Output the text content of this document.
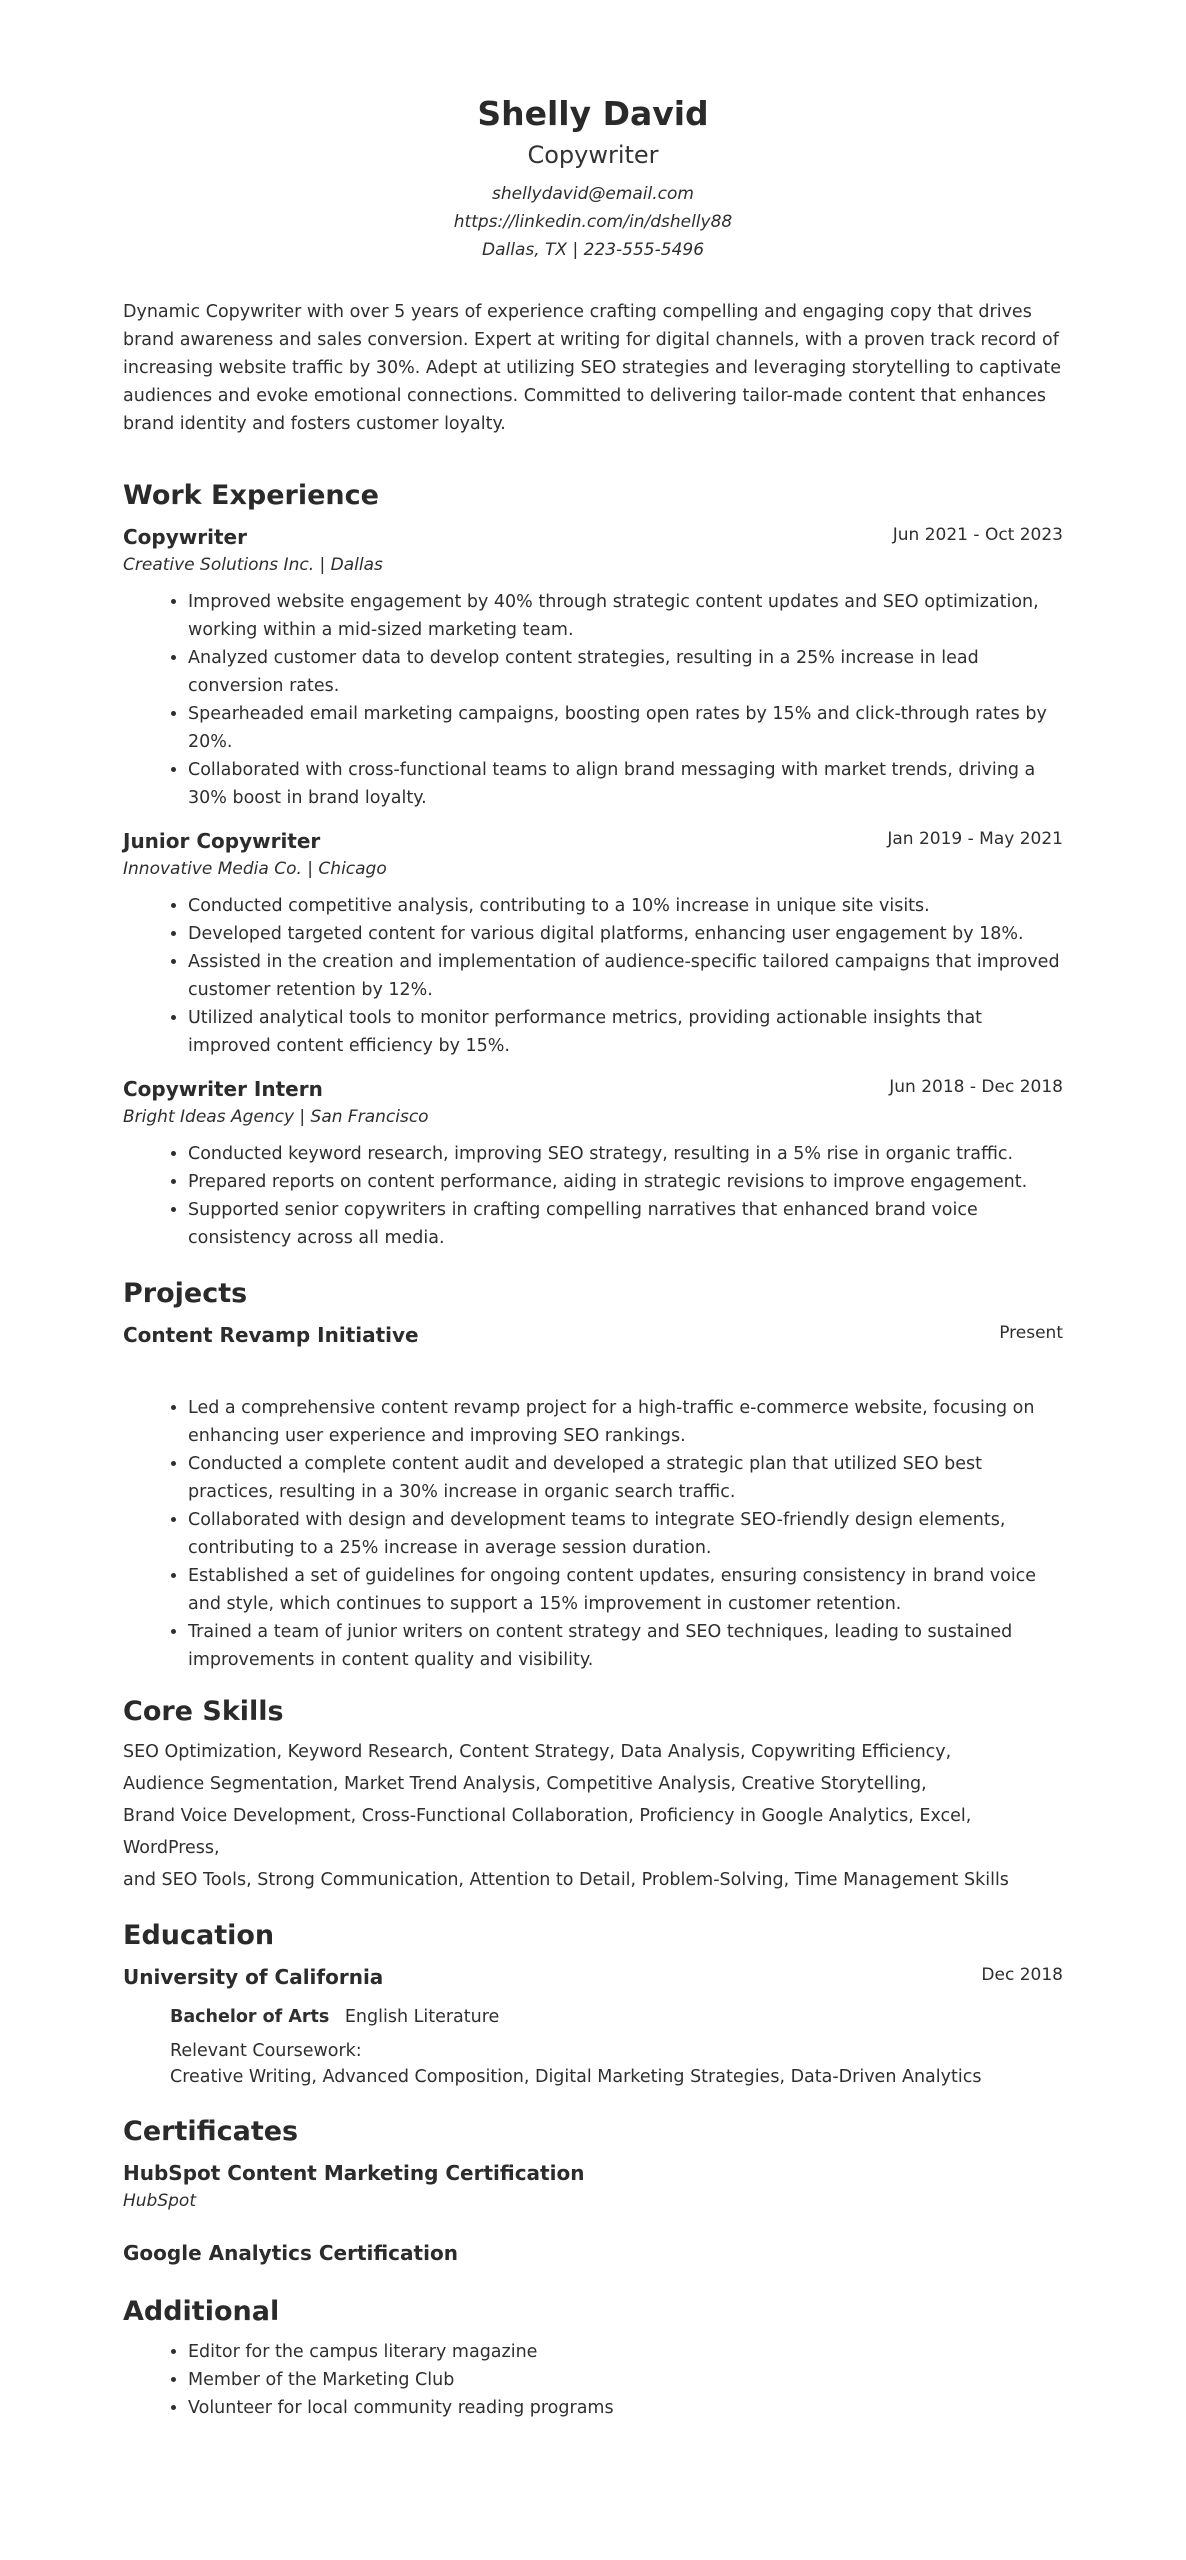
Shelly David
Copywriter
shellydavid@email.com
https://linkedin.com/in/dshelly88
Dallas, TX | 223-555-5496
Dynamic Copywriter with over 5 years of experience crafting compelling and engaging copy that drives brand awareness and sales conversion. Expert at writing for digital channels, with a proven track record of increasing website traffic by 30%. Adept at utilizing SEO strategies and leveraging storytelling to captivate audiences and evoke emotional connections. Committed to delivering tailor-made content that enhances brand identity and fosters customer loyalty.
Work Experience
Copywriter	Jun 2021 - Oct 2023
Creative Solutions Inc. | Dallas
• Improved website engagement by 40% through strategic content updates and SEO optimization, working within a mid-sized marketing team.
• Analyzed customer data to develop content strategies, resulting in a 25% increase in lead conversion rates.
• Spearheaded email marketing campaigns, boosting open rates by 15% and click-through rates by 20%.
• Collaborated with cross-functional teams to align brand messaging with market trends, driving a 30% boost in brand loyalty.
Junior Copywriter	Jan 2019 - May 2021
Innovative Media Co. | Chicago
• Conducted competitive analysis, contributing to a 10% increase in unique site visits.
• Developed targeted content for various digital platforms, enhancing user engagement by 18%.
• Assisted in the creation and implementation of audience-specific tailored campaigns that improved customer retention by 12%.
• Utilized analytical tools to monitor performance metrics, providing actionable insights that improved content efficiency by 15%.
Copywriter Intern	Jun 2018 - Dec 2018
Bright Ideas Agency | San Francisco
• Conducted keyword research, improving SEO strategy, resulting in a 5% rise in organic traffic.
• Prepared reports on content performance, aiding in strategic revisions to improve engagement.
• Supported senior copywriters in crafting compelling narratives that enhanced brand voice consistency across all media.
Projects
Content Revamp Initiative	Present
• Led a comprehensive content revamp project for a high-traffic e-commerce website, focusing on enhancing user experience and improving SEO rankings.
• Conducted a complete content audit and developed a strategic plan that utilized SEO best practices, resulting in a 30% increase in organic search traffic.
• Collaborated with design and development teams to integrate SEO-friendly design elements, contributing to a 25% increase in average session duration.
• Established a set of guidelines for ongoing content updates, ensuring consistency in brand voice and style, which continues to support a 15% improvement in customer retention.
• Trained a team of junior writers on content strategy and SEO techniques, leading to sustained improvements in content quality and visibility.
Core Skills
SEO Optimization, Keyword Research, Content Strategy, Data Analysis, Copywriting Efficiency,
Audience Segmentation, Market Trend Analysis, Competitive Analysis, Creative Storytelling,
Brand Voice Development, Cross-Functional Collaboration, Proficiency in Google Analytics, Excel, WordPress,
and SEO Tools, Strong Communication, Attention to Detail, Problem-Solving, Time Management Skills
Education
University of California	Dec 2018
Bachelor of Arts English Literature
Relevant Coursework:
Creative Writing, Advanced Composition, Digital Marketing Strategies, Data-Driven Analytics
Certificates
HubSpot Content Marketing Certification
HubSpot
Google Analytics Certification
Additional
• Editor for the campus literary magazine
• Member of the Marketing Club
• Volunteer for local community reading programs
